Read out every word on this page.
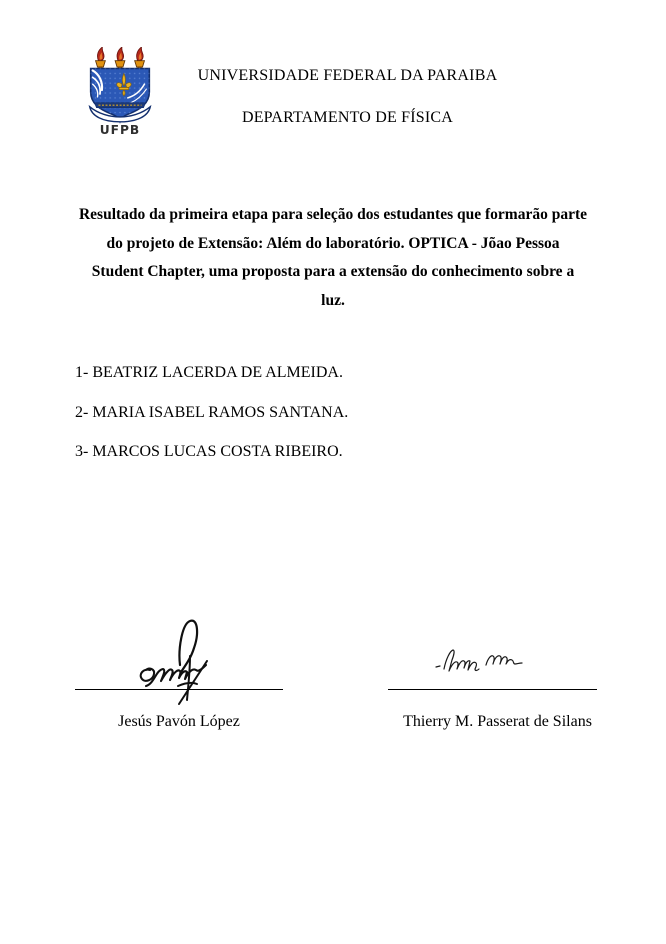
UFPB
UNIVERSIDADE FEDERAL DA PARAIBA
DEPARTAMENTO DE FÍSICA
Resultado da primeira etapa para seleção dos estudantes que formarão parte
do projeto de Extensão: Além do laboratório. OPTICA - Jõao Pessoa
Student Chapter, uma proposta para a extensão do conhecimento sobre a
luz.
1- BEATRIZ LACERDA DE ALMEIDA.
2- MARIA ISABEL RAMOS SANTANA.
3- MARCOS LUCAS COSTA RIBEIRO.
Jesús Pavón López	Thierry M. Passerat de Silans
